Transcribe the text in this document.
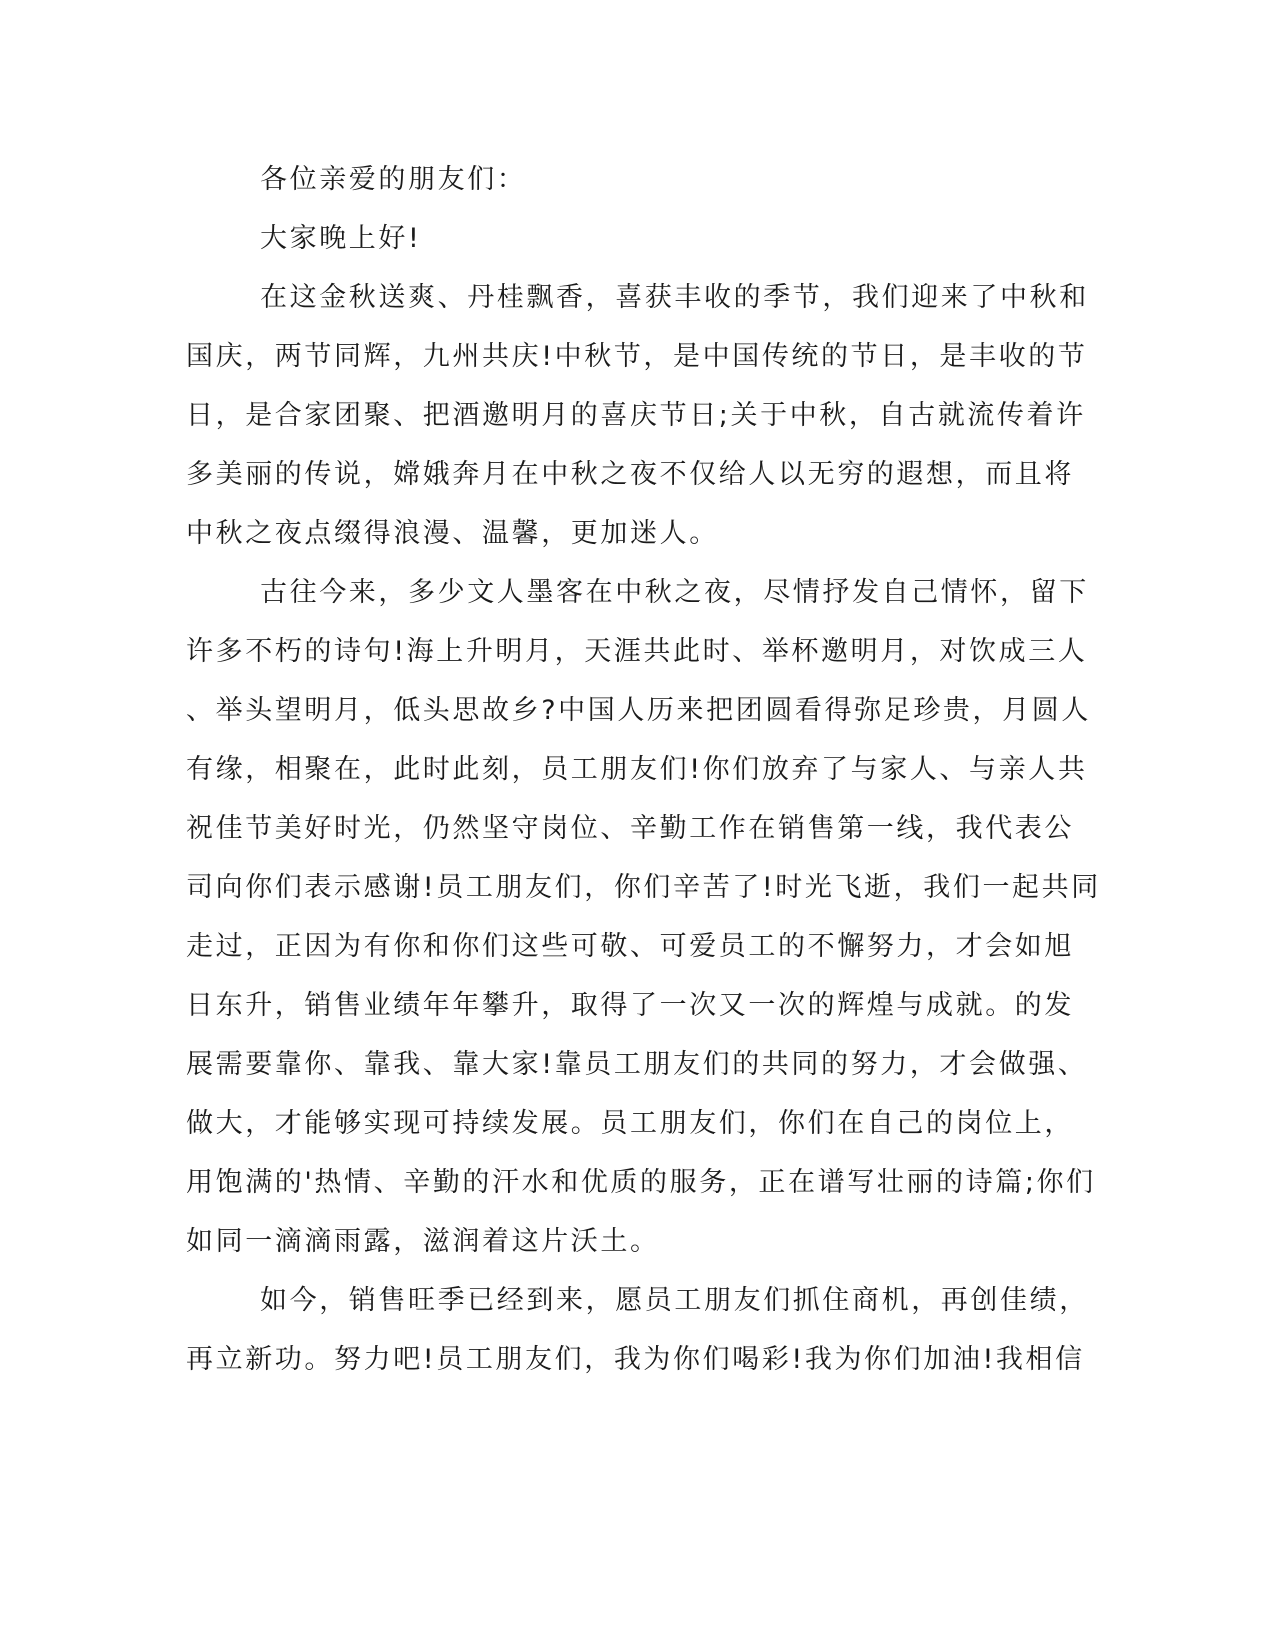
各位亲爱的朋友们：
大家晚上好!
在这金秋送爽、丹桂飘香，喜获丰收的季节，我们迎来了中秋和
国庆，两节同辉，九州共庆!中秋节，是中国传统的节日，是丰收的节
日，是合家团聚、把酒邀明月的喜庆节日;关于中秋，自古就流传着许
多美丽的传说，嫦娥奔月在中秋之夜不仅给人以无穷的遐想，而且将
中秋之夜点缀得浪漫、温馨，更加迷人。
古往今来，多少文人墨客在中秋之夜，尽情抒发自己情怀，留下
许多不朽的诗句!海上升明月，天涯共此时、举杯邀明月，对饮成三人
、举头望明月，低头思故乡?中国人历来把团圆看得弥足珍贵，月圆人
有缘，相聚在，此时此刻，员工朋友们!你们放弃了与家人、与亲人共
祝佳节美好时光，仍然坚守岗位、辛勤工作在销售第一线，我代表公
司向你们表示感谢!员工朋友们，你们辛苦了!时光飞逝，我们一起共同
走过，正因为有你和你们这些可敬、可爱员工的不懈努力，才会如旭
日东升，销售业绩年年攀升，取得了一次又一次的辉煌与成就。的发
展需要靠你、靠我、靠大家!靠员工朋友们的共同的努力，才会做强、
做大，才能够实现可持续发展。员工朋友们，你们在自己的岗位上，
用饱满的'热情、辛勤的汗水和优质的服务，正在谱写壮丽的诗篇;你们
如同一滴滴雨露，滋润着这片沃土。
如今，销售旺季已经到来，愿员工朋友们抓住商机，再创佳绩，
再立新功。努力吧!员工朋友们，我为你们喝彩!我为你们加油!我相信
